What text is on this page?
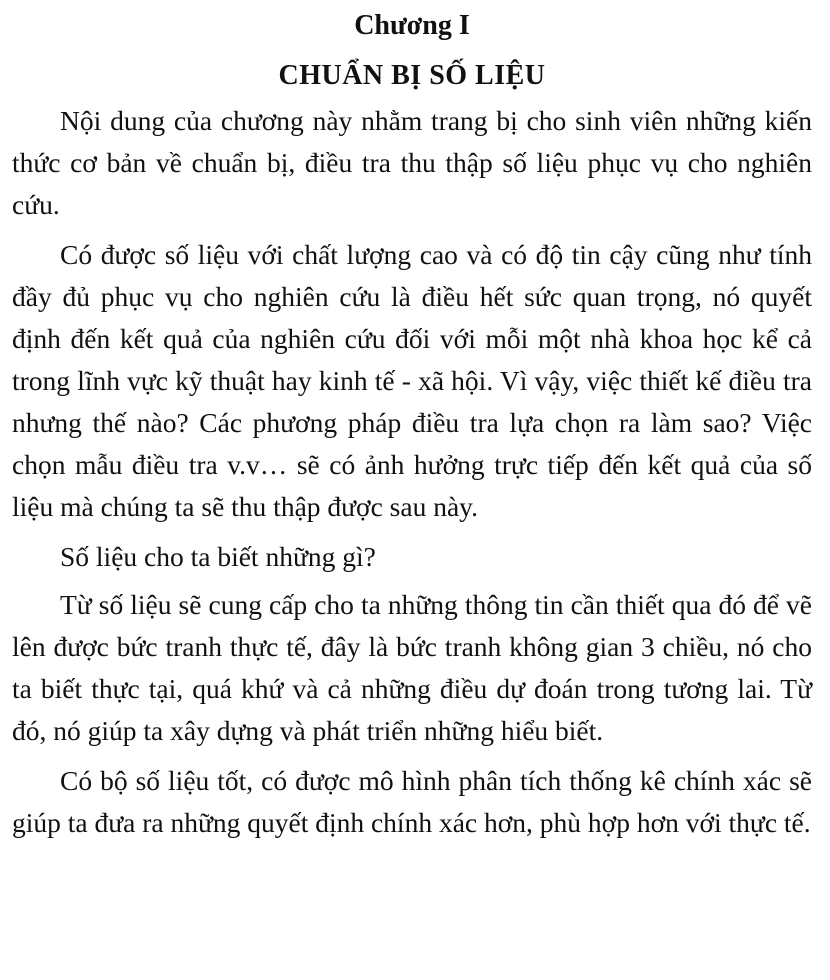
Chương I
CHUẨN BỊ SỐ LIỆU

Nội dung của chương này nhằm trang bị cho sinh viên những kiến thức cơ bản về chuẩn bị, điều tra thu thập số liệu phục vụ cho nghiên cứu.

Có được số liệu với chất lượng cao và có độ tin cậy cũng như tính đầy đủ phục vụ cho nghiên cứu là điều hết sức quan trọng, nó quyết định đến kết quả của nghiên cứu đối với mỗi một nhà khoa học kể cả trong lĩnh vực kỹ thuật hay kinh tế - xã hội. Vì vậy, việc thiết kế điều tra nhưng thế nào? Các phương pháp điều tra lựa chọn ra làm sao? Việc chọn mẫu điều tra v.v… sẽ có ảnh hưởng trực tiếp đến kết quả của số liệu mà chúng ta sẽ thu thập được sau này.

Số liệu cho ta biết những gì?

Từ số liệu sẽ cung cấp cho ta những thông tin cần thiết qua đó để vẽ lên được bức tranh thực tế, đây là bức tranh không gian 3 chiều, nó cho ta biết thực tại, quá khứ và cả những điều dự đoán trong tương lai. Từ đó, nó giúp ta xây dựng và phát triển những hiểu biết.

Có bộ số liệu tốt, có được mô hình phân tích thống kê chính xác sẽ giúp ta đưa ra những quyết định chính xác hơn, phù hợp hơn với thực tế.
